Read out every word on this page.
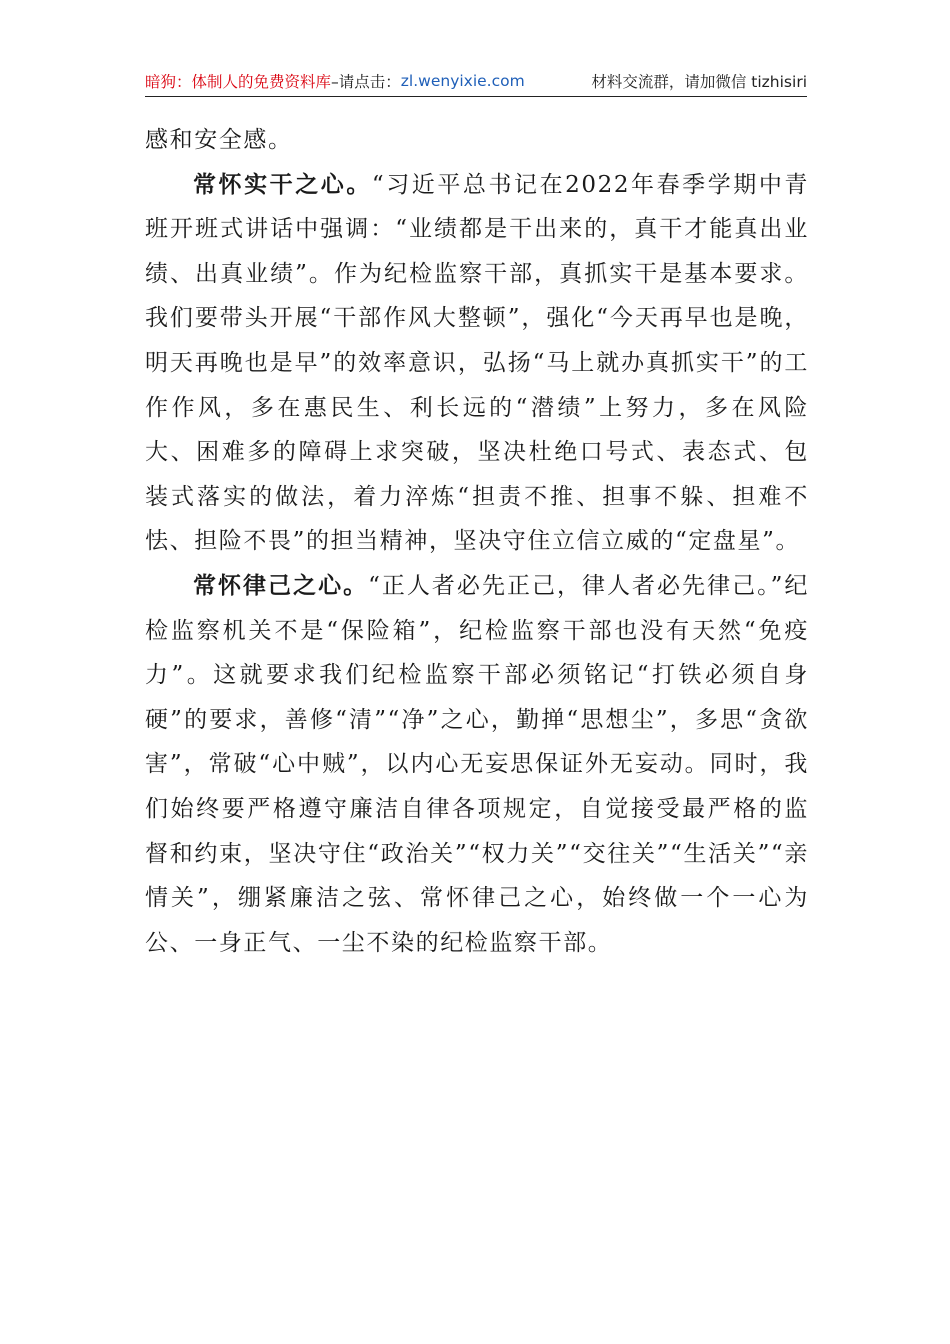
暗狗：体制人的免费资料库 –请点击： zl.wenyixie.com	材料交流群，请加微信 tizhisiri

感和安全感。

常怀实干之心。“习近平总书记在2022年春季学期中青班开班式讲话中强调：“业绩都是干出来的，真干才能真出业绩、出真业绩”。作为纪检监察干部，真抓实干是基本要求。我们要带头开展“干部作风大整顿”，强化“今天再早也是晚，明天再晚也是早”的效率意识，弘扬“马上就办真抓实干”的工作作风，多在惠民生、利长远的“潜绩”上努力，多在风险大、困难多的障碍上求突破，坚决杜绝口号式、表态式、包装式落实的做法，着力淬炼“担责不推、担事不躲、担难不怯、担险不畏”的担当精神，坚决守住立信立威的“定盘星”。

常怀律己之心。“正人者必先正己，律人者必先律己。”纪检监察机关不是“保险箱”，纪检监察干部也没有天然“免疫力”。这就要求我们纪检监察干部必须铭记“打铁必须自身硬”的要求，善修“清”“净”之心，勤掸“思想尘”，多思“贪欲害”，常破“心中贼”，以内心无妄思保证外无妄动。同时，我们始终要严格遵守廉洁自律各项规定，自觉接受最严格的监督和约束，坚决守住“政治关”“权力关”“交往关”“生活关”“亲情关”，绷紧廉洁之弦、常怀律己之心，始终做一个一心为公、一身正气、一尘不染的纪检监察干部。
